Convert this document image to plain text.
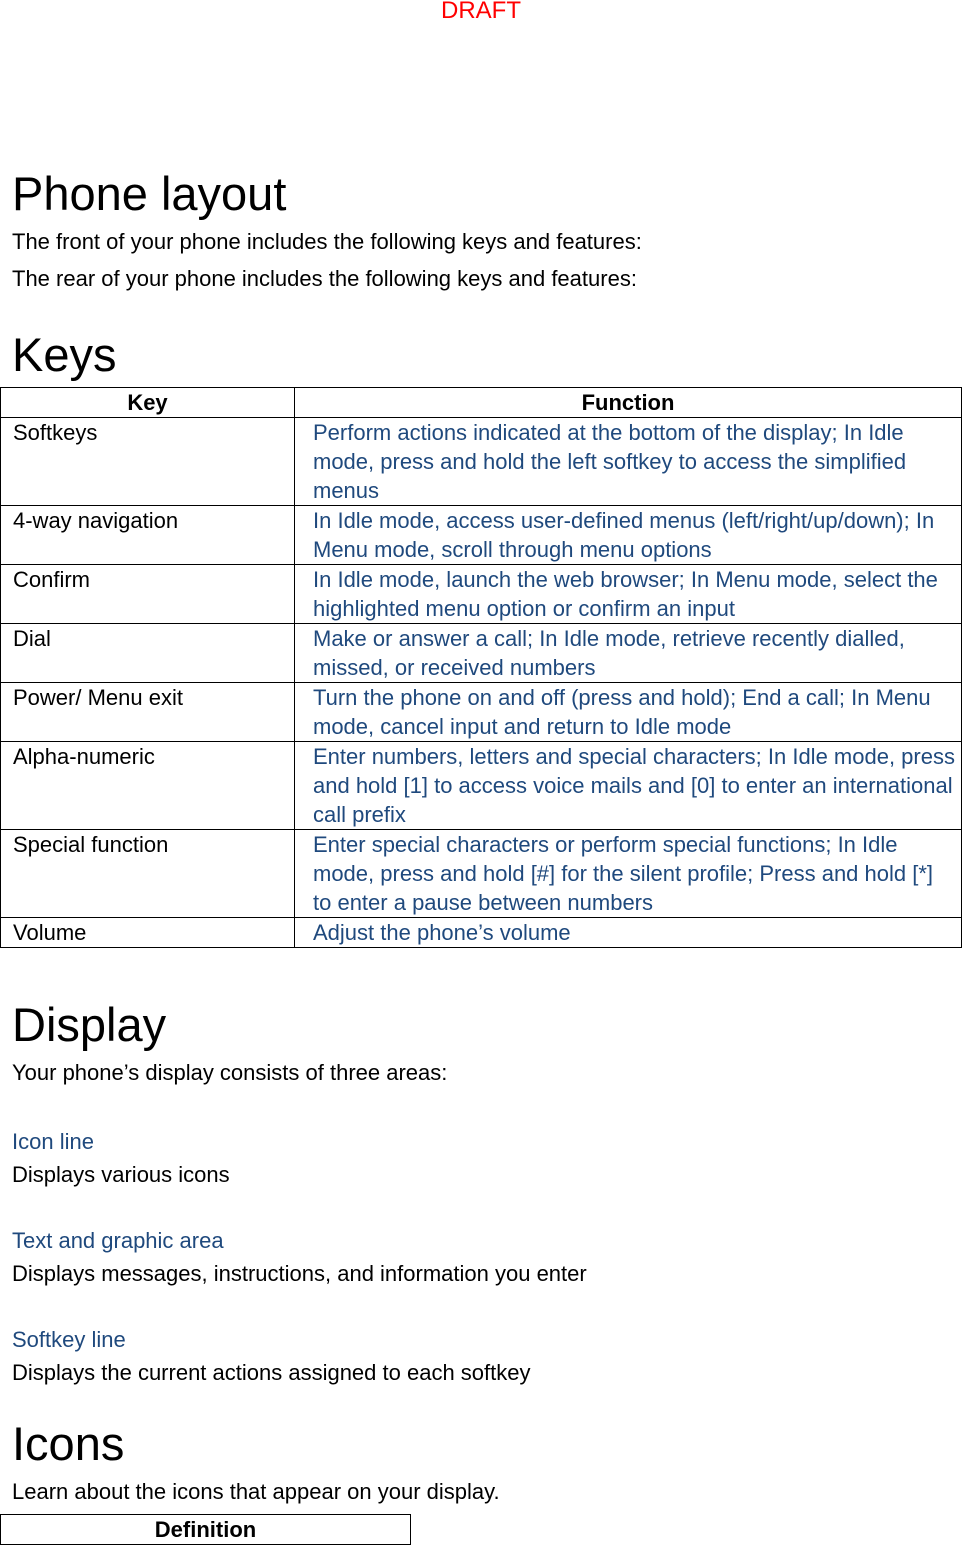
DRAFT
Phone layout
The front of your phone includes the following keys and features:
The rear of your phone includes the following keys and features:
Keys
Key	Function
Softkeys	Perform actions indicated at the bottom of the display; In Idle mode, press and hold the left softkey to access the simplified menus
4-way navigation	In Idle mode, access user-defined menus (left/right/up/down); In Menu mode, scroll through menu options
Confirm	In Idle mode, launch the web browser; In Menu mode, select the highlighted menu option or confirm an input
Dial	Make or answer a call; In Idle mode, retrieve recently dialled, missed, or received numbers
Power/ Menu exit	Turn the phone on and off (press and hold); End a call; In Menu mode, cancel input and return to Idle mode
Alpha-numeric	Enter numbers, letters and special characters; In Idle mode, press and hold [1] to access voice mails and [0] to enter an international call prefix
Special function	Enter special characters or perform special functions; In Idle mode, press and hold [#] for the silent profile; Press and hold [*] to enter a pause between numbers
Volume	Adjust the phone’s volume
Display
Your phone’s display consists of three areas:
Icon line
Displays various icons
Text and graphic area
Displays messages, instructions, and information you enter
Softkey line
Displays the current actions assigned to each softkey
Icons
Learn about the icons that appear on your display.
Definition
